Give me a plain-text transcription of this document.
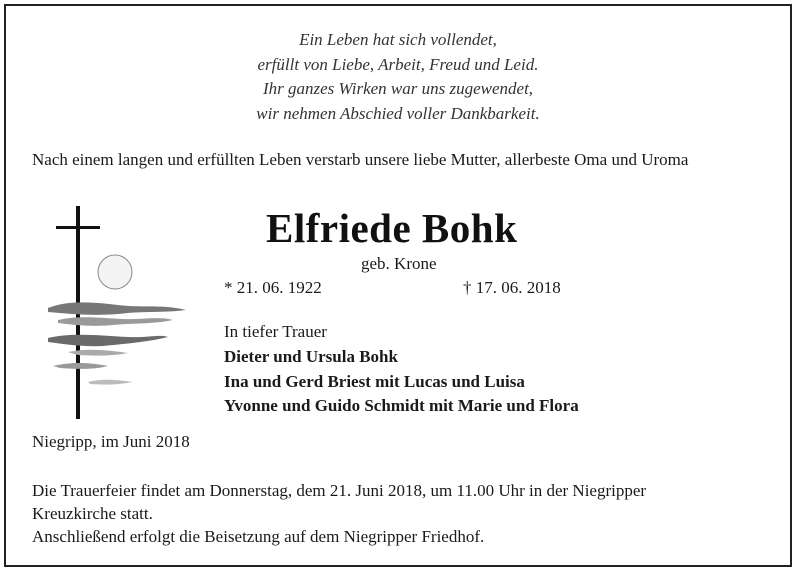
Ein Leben hat sich vollendet,
erfüllt von Liebe, Arbeit, Freud und Leid.
Ihr ganzes Wirken war uns zugewendet,
wir nehmen Abschied voller Dankbarkeit.
Nach einem langen und erfüllten Leben verstarb unsere liebe Mutter, allerbeste Oma und Uroma
Elfriede Bohk
geb. Krone
* 21. 06. 1922	† 17. 06. 2018
In tiefer Trauer
Dieter und Ursula Bohk
Ina und Gerd Briest mit Lucas und Luisa
Yvonne und Guido Schmidt mit Marie und Flora
Niegripp, im Juni 2018
Die Trauerfeier findet am Donnerstag, dem 21. Juni 2018, um 11.00 Uhr in der Niegripper
Kreuzkirche statt.
Anschließend erfolgt die Beisetzung auf dem Niegripper Friedhof.
